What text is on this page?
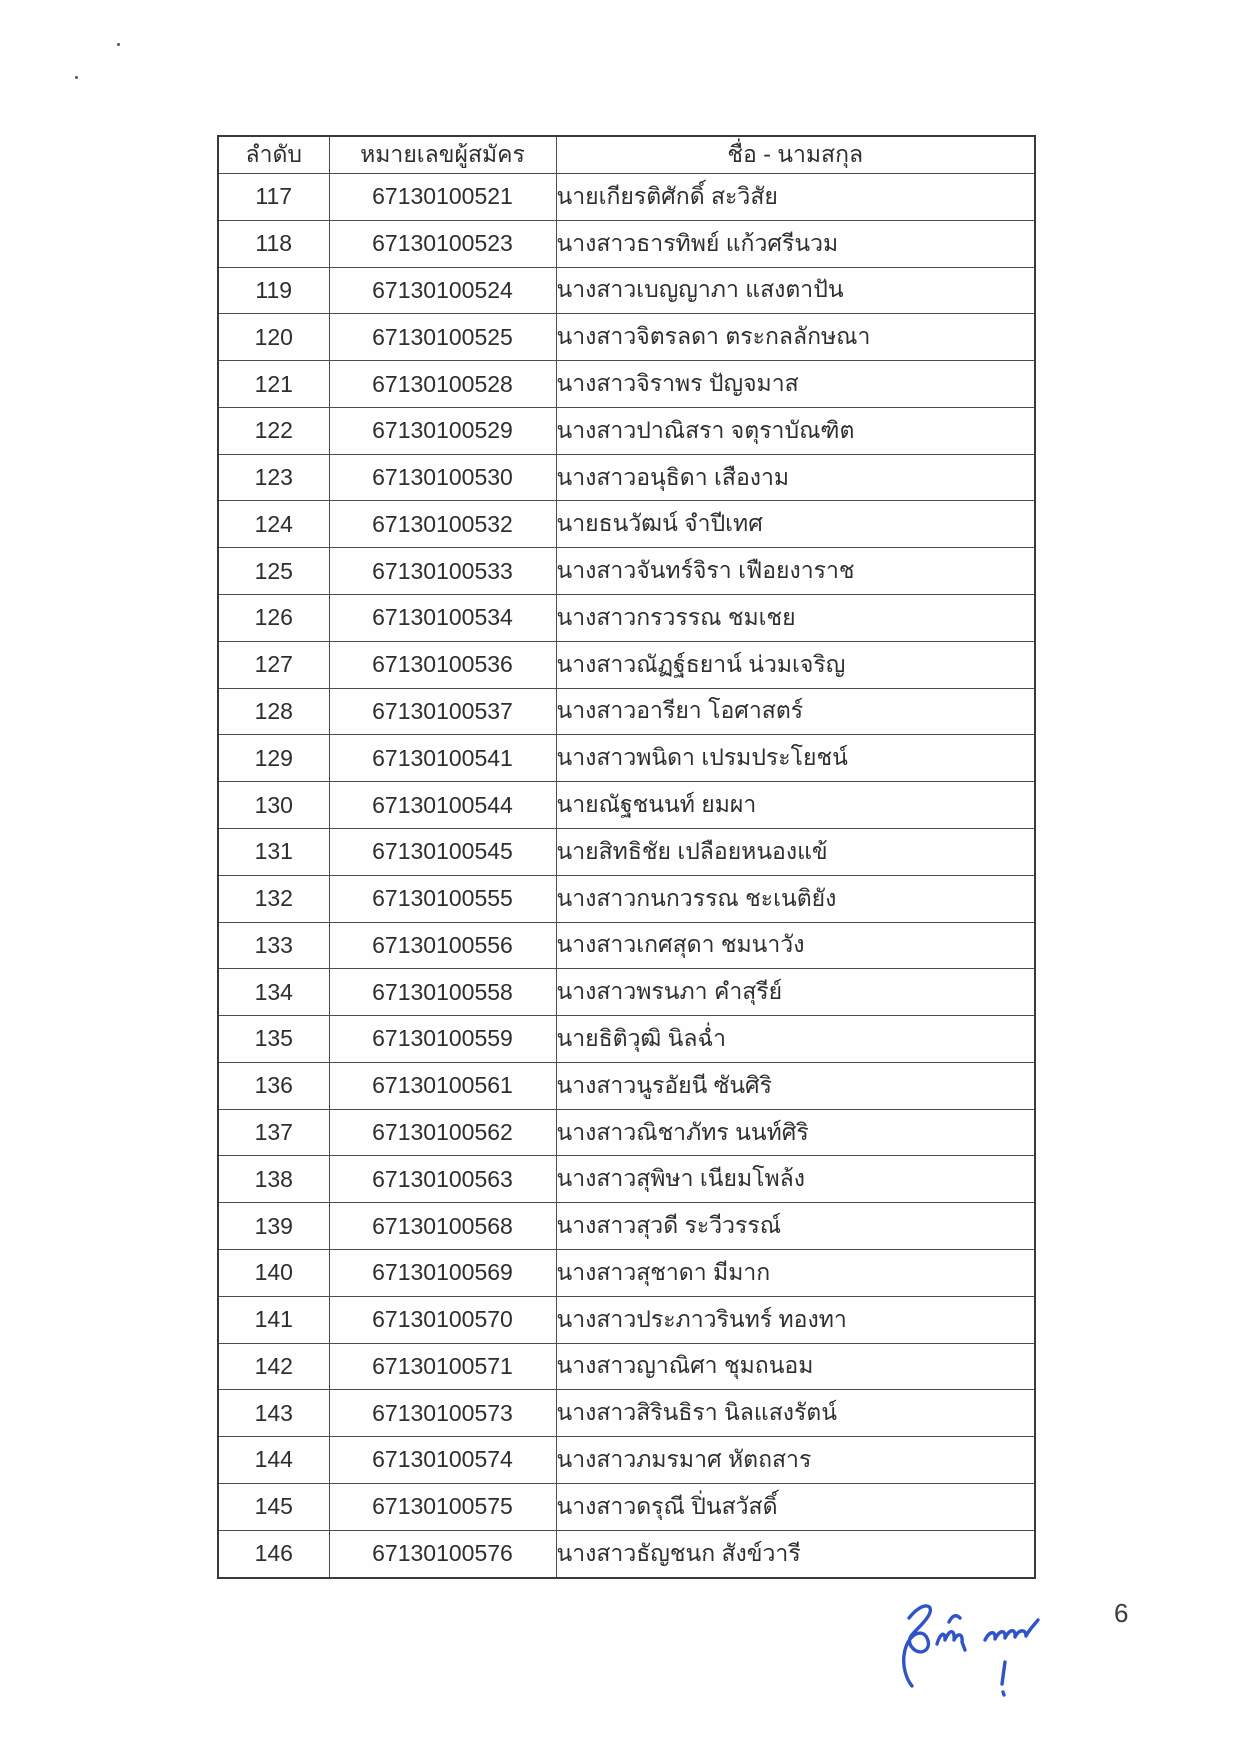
ลำดับ	หมายเลขผู้สมัคร	ชื่อ - นามสกุล
117	67130100521	นายเกียรติศักดิ์ สะวิสัย
118	67130100523	นางสาวธารทิพย์ แก้วศรีนวม
119	67130100524	นางสาวเบญญาภา แสงตาปัน
120	67130100525	นางสาวจิตรลดา ตระกลลักษณา
121	67130100528	นางสาวจิราพร ปัญจมาส
122	67130100529	นางสาวปาณิสรา จตุราบัณฑิต
123	67130100530	นางสาวอนุธิดา เสืองาม
124	67130100532	นายธนวัฒน์ จำปีเทศ
125	67130100533	นางสาวจันทร์จิรา เฟือยงาราช
126	67130100534	นางสาวกรวรรณ ชมเชย
127	67130100536	นางสาวณัฏฐ์ธยาน์ น่วมเจริญ
128	67130100537	นางสาวอารียา โอศาสตร์
129	67130100541	นางสาวพนิดา เปรมประโยชน์
130	67130100544	นายณัฐชนนท์ ยมผา
131	67130100545	นายสิทธิชัย เปลือยหนองแข้
132	67130100555	นางสาวกนกวรรณ ชะเนติยัง
133	67130100556	นางสาวเกศสุดา ชมนาวัง
134	67130100558	นางสาวพรนภา คำสุรีย์
135	67130100559	นายธิติวุฒิ นิลฉ่ำ
136	67130100561	นางสาวนูรอัยนี ซันศิริ
137	67130100562	นางสาวณิชาภัทร นนท์ศิริ
138	67130100563	นางสาวสุพิษา เนียมโพล้ง
139	67130100568	นางสาวสุวดี ระวีวรรณ์
140	67130100569	นางสาวสุชาดา มีมาก
141	67130100570	นางสาวประภาวรินทร์ ทองทา
142	67130100571	นางสาวญาณิศา ชุมถนอม
143	67130100573	นางสาวสิรินธิรา นิลแสงรัตน์
144	67130100574	นางสาวภมรมาศ หัตถสาร
145	67130100575	นางสาวดรุณี ปิ่นสวัสดิ์
146	67130100576	นางสาวธัญชนก สังข์วารี
6
